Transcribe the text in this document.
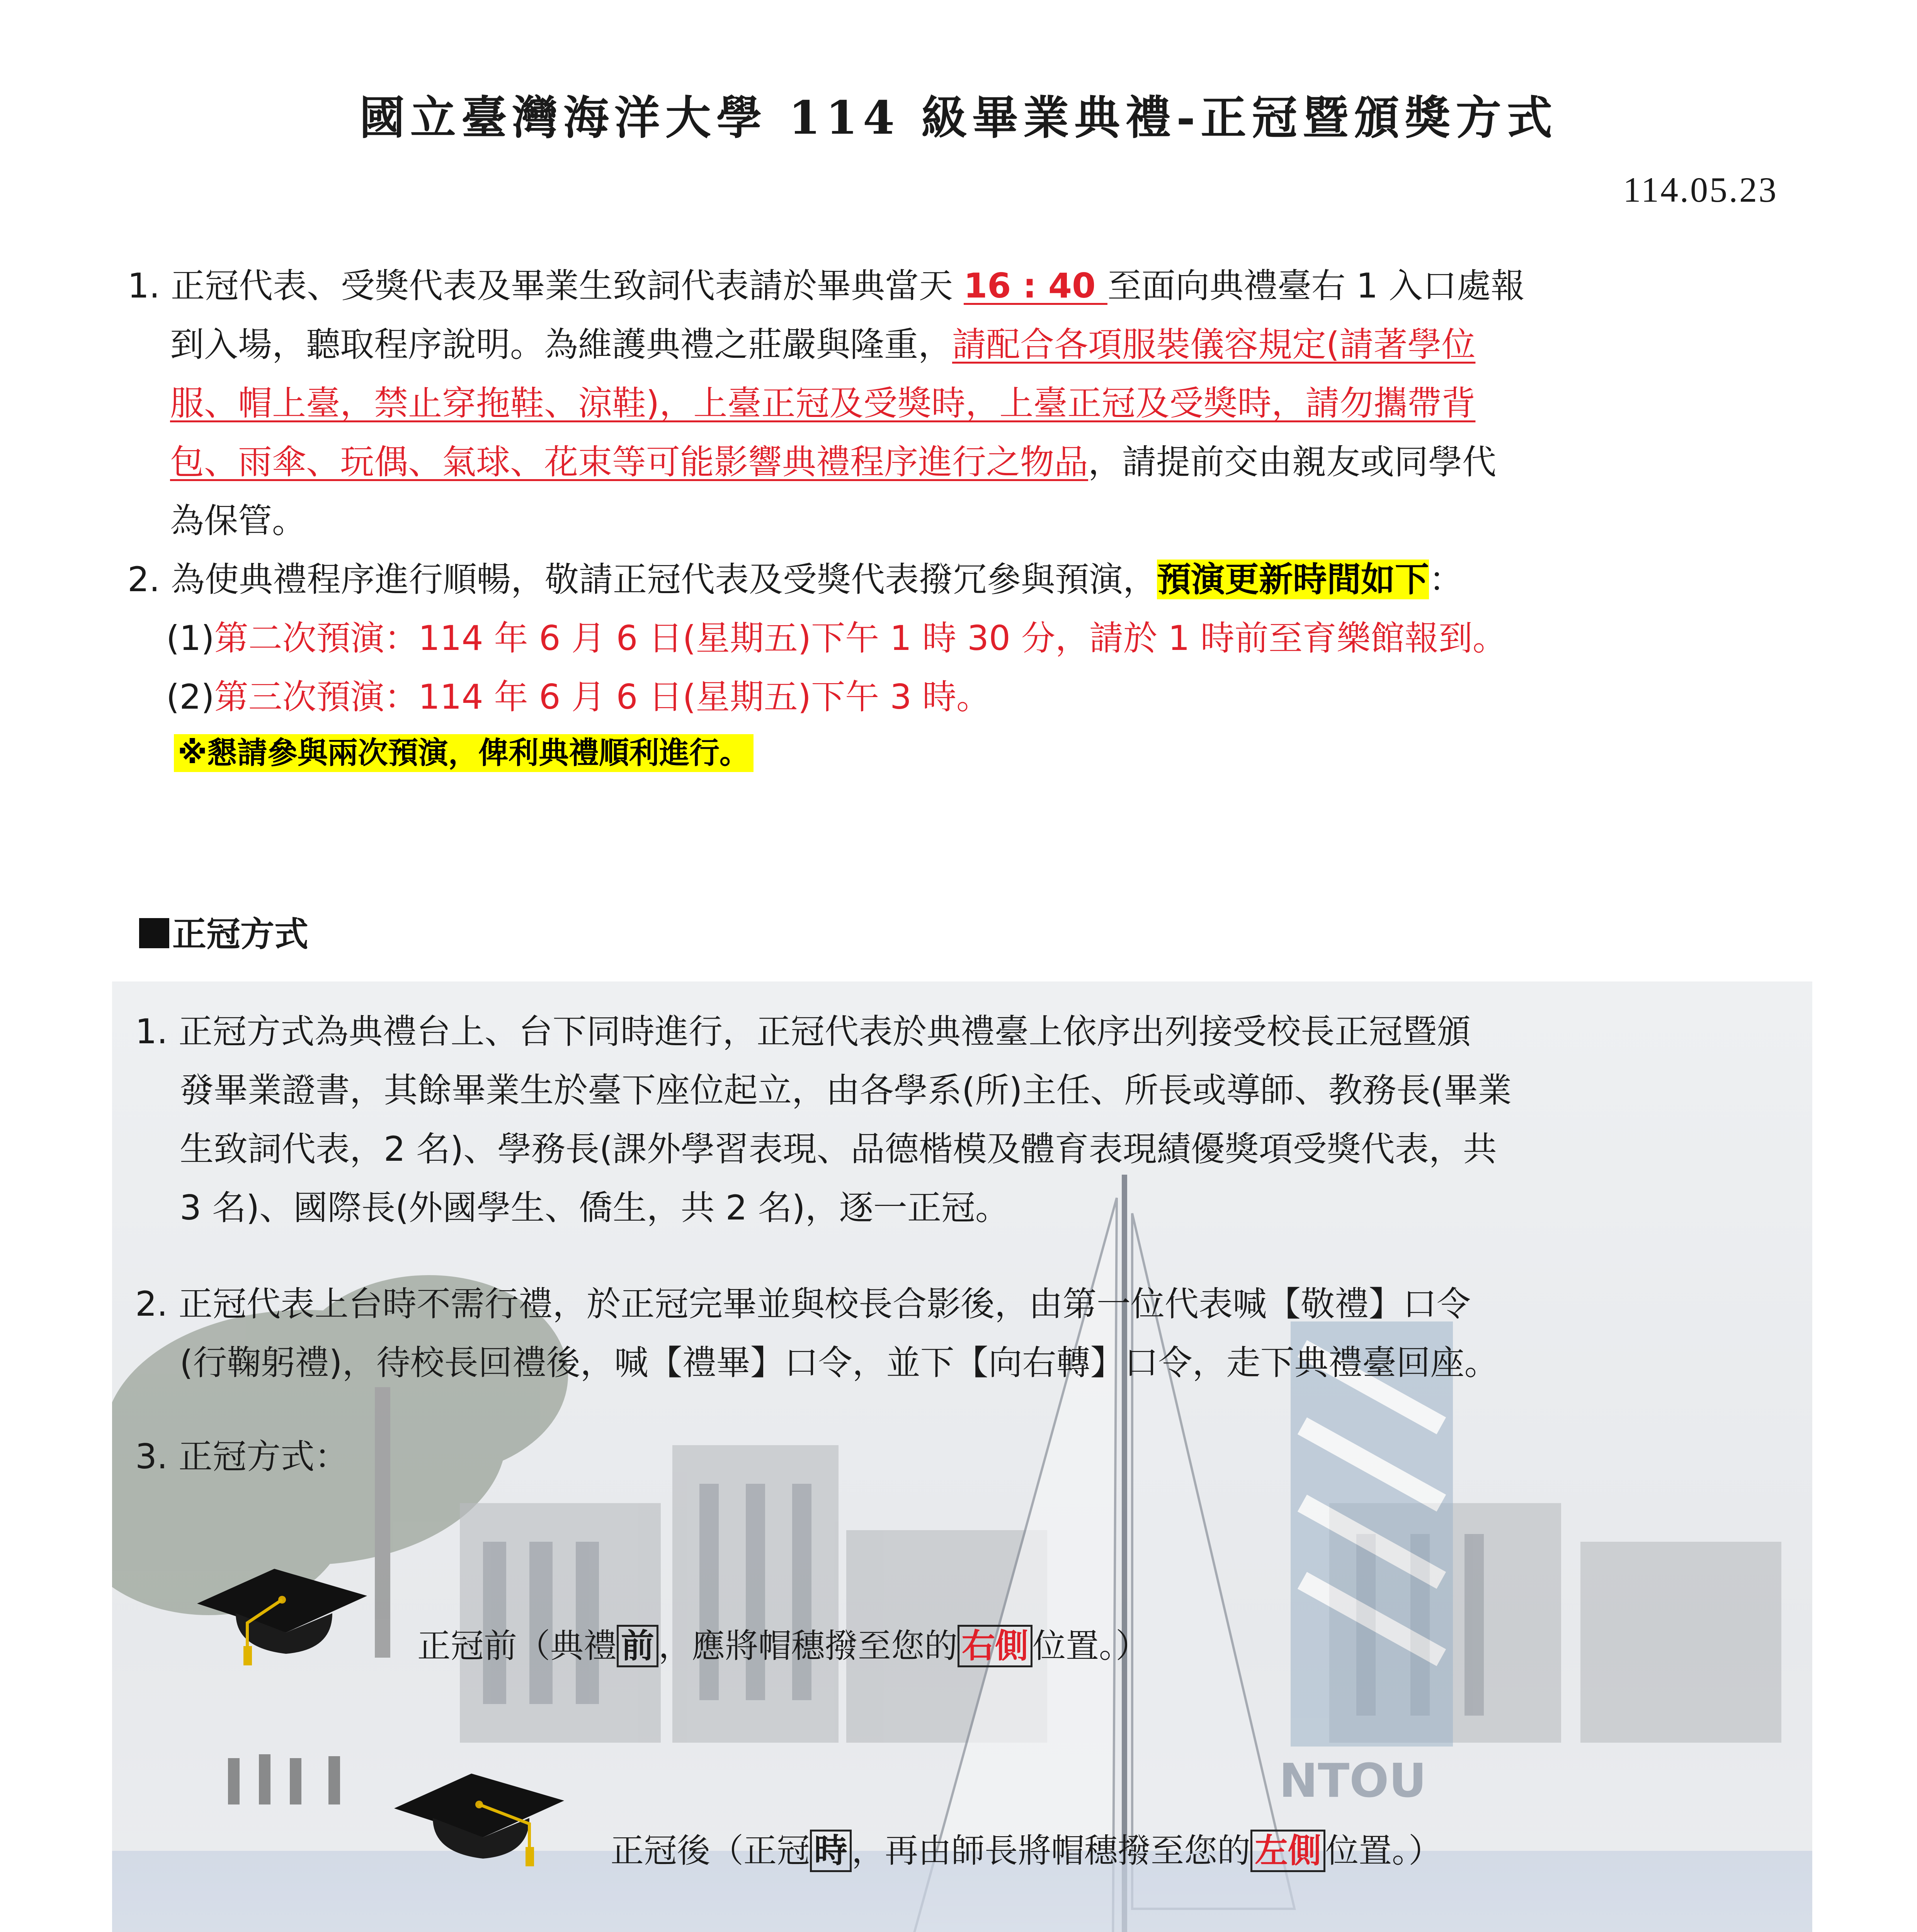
NTOU
國立臺灣海洋大學 114 級畢業典禮-正冠暨頒獎方式
114.05.23
1. 正冠代表、受獎代表及畢業生致詞代表請於畢典當天 16 : 40 至面向典禮臺右 1 入口處報
到入場，聽取程序說明。為維護典禮之莊嚴與隆重，請配合各項服裝儀容規定(請著學位
服、帽上臺，禁止穿拖鞋、涼鞋)，上臺正冠及受獎時，上臺正冠及受獎時，請勿攜帶背
包、雨傘、玩偶、氣球、花束等可能影響典禮程序進行之物品，請提前交由親友或同學代
為保管。
2. 為使典禮程序進行順暢，敬請正冠代表及受獎代表撥冗參與預演，預演更新時間如下：
(1)第二次預演：114 年 6 月 6 日(星期五)下午 1 時 30 分，請於 1 時前至育樂館報到。
(2)第三次預演：114 年 6 月 6 日(星期五)下午 3 時。
※懇請參與兩次預演，俾利典禮順利進行。
正冠方式
1. 正冠方式為典禮台上、台下同時進行，正冠代表於典禮臺上依序出列接受校長正冠暨頒
發畢業證書，其餘畢業生於臺下座位起立，由各學系(所)主任、所長或導師、教務長(畢業
生致詞代表，2 名)、學務長(課外學習表現、品德楷模及體育表現績優獎項受獎代表，共
3 名)、國際長(外國學生、僑生，共 2 名)，逐一正冠。
2. 正冠代表上台時不需行禮，於正冠完畢並與校長合影後，由第一位代表喊【敬禮】口令
(行鞠躬禮)，待校長回禮後，喊【禮畢】口令，並下【向右轉】口令，走下典禮臺回座。
3. 正冠方式：
正冠前（典禮 前 ，應將帽穗撥至您的 右側 位置。）
正冠後（正冠 時 ，再由師長將帽穗撥至您的 左側 位置。）
